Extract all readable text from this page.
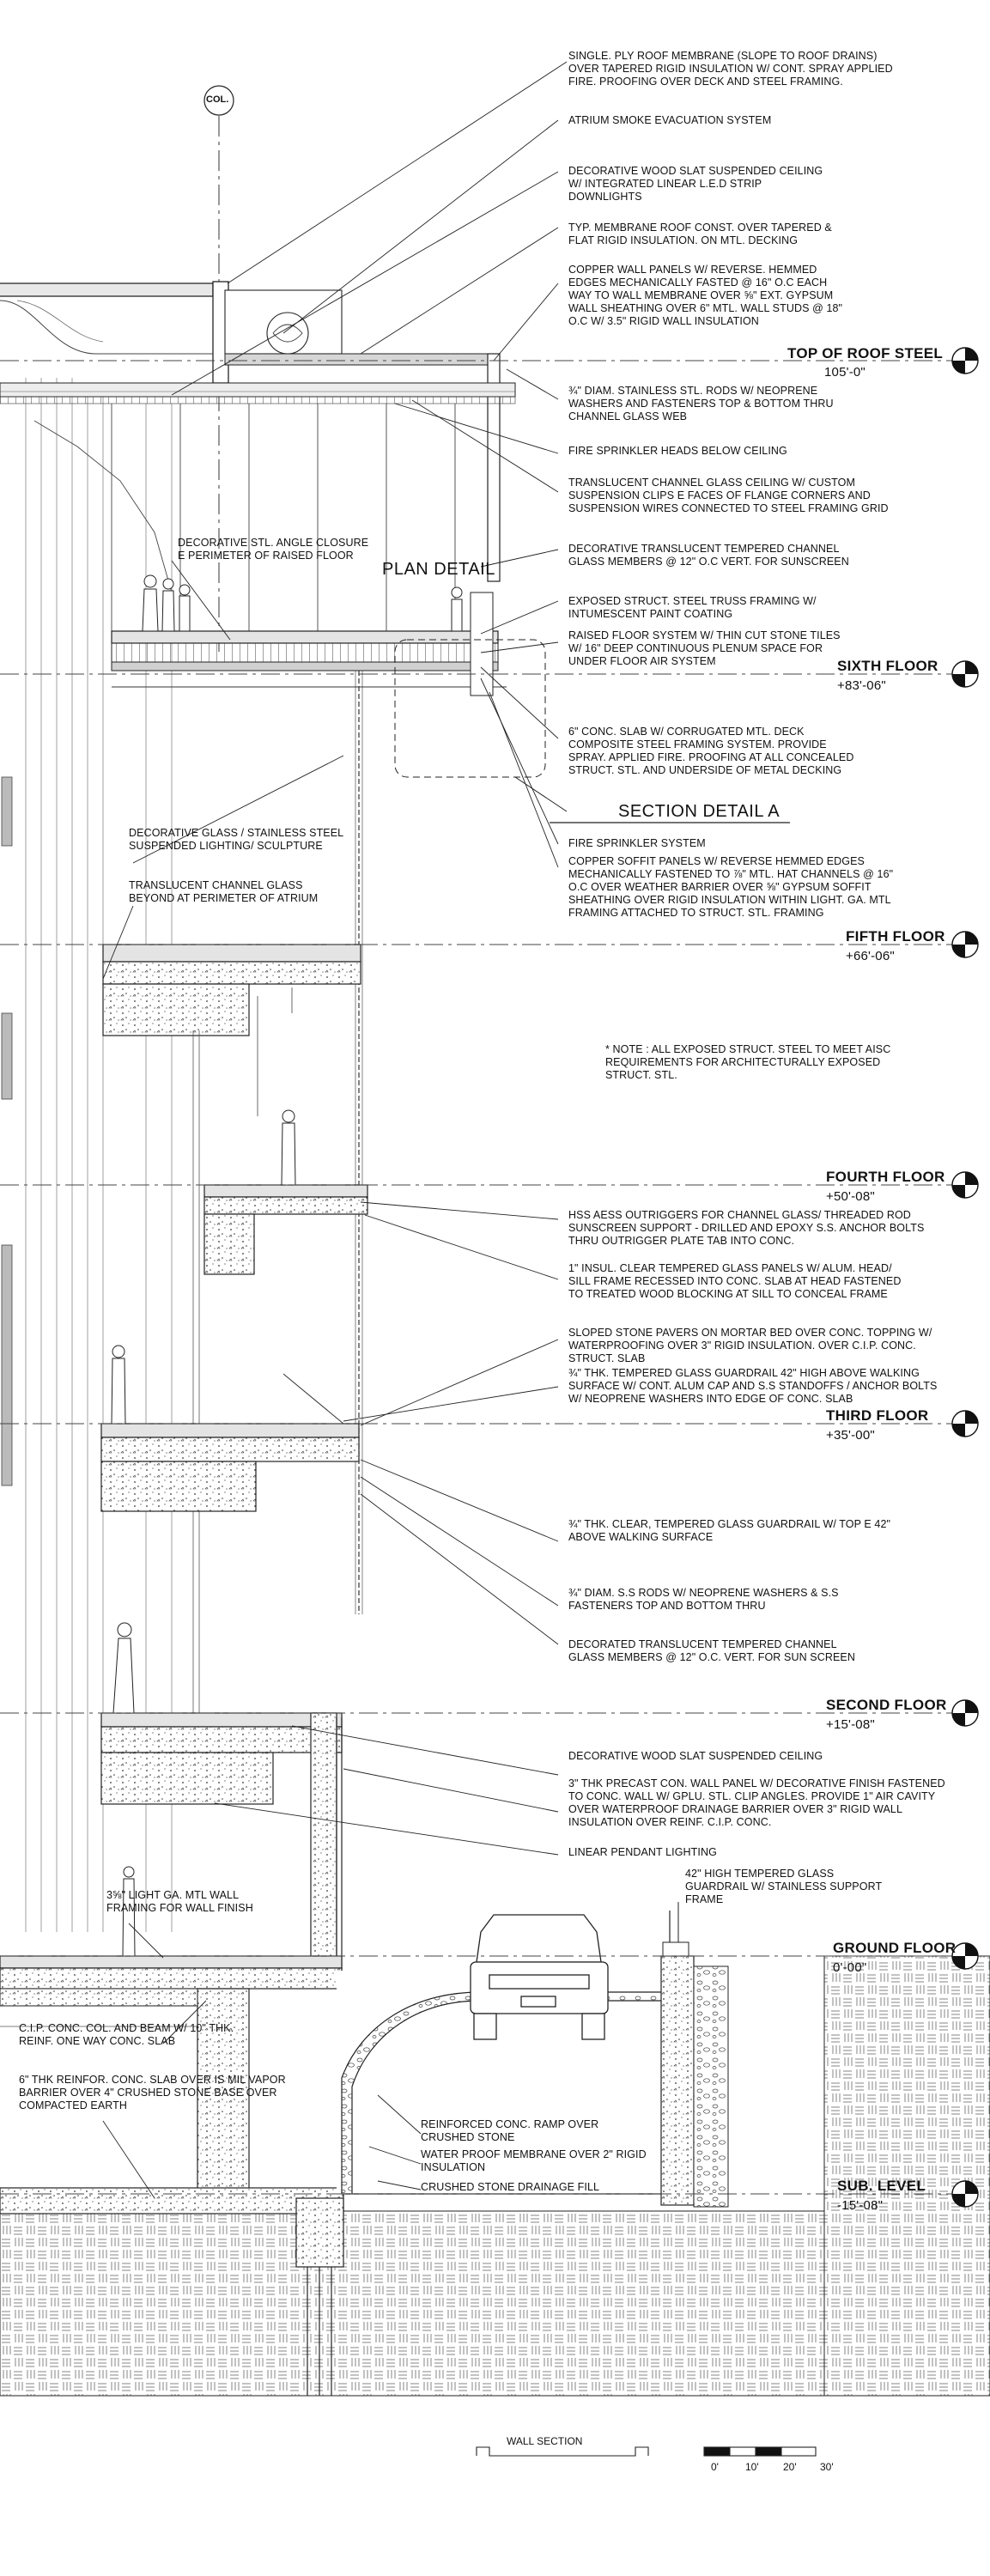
COL.
SINGLE. PLY ROOF MEMBRANE (SLOPE TO ROOF DRAINS) OVER TAPERED RIGID INSULATION W/ CONT. SPRAY APPLIED FIRE. PROOFING OVER DECK AND STEEL FRAMING.
ATRIUM SMOKE EVACUATION SYSTEM
DECORATIVE WOOD SLAT SUSPENDED CEILING W/ INTEGRATED LINEAR L.E.D STRIP DOWNLIGHTS
TYP. MEMBRANE ROOF CONST. OVER TAPERED & FLAT RIGID INSULATION. ON MTL. DECKING
COPPER WALL PANELS W/ REVERSE. HEMMED EDGES MECHANICALLY FASTED @ 16" O.C EACH WAY TO WALL MEMBRANE OVER ⅝" EXT. GYPSUM WALL SHEATHING OVER 6" MTL. WALL STUDS @ 18" O.C W/ 3.5" RIGID WALL INSULATION
¾" DIAM. STAINLESS STL. RODS W/ NEOPRENE WASHERS AND FASTENERS TOP & BOTTOM THRU CHANNEL GLASS WEB
FIRE SPRINKLER HEADS BELOW CEILING
TRANSLUCENT CHANNEL GLASS CEILING W/ CUSTOM SUSPENSION CLIPS E FACES OF FLANGE CORNERS AND SUSPENSION WIRES CONNECTED TO STEEL FRAMING GRID
DECORATIVE TRANSLUCENT TEMPERED CHANNEL GLASS MEMBERS @ 12" O.C VERT. FOR SUNSCREEN
EXPOSED STRUCT. STEEL TRUSS FRAMING W/ INTUMESCENT PAINT COATING
RAISED FLOOR SYSTEM W/ THIN CUT STONE TILES W/ 16" DEEP CONTINUOUS PLENUM SPACE FOR UNDER FLOOR AIR SYSTEM
6" CONC. SLAB W/ CORRUGATED MTL. DECK COMPOSITE STEEL FRAMING SYSTEM. PROVIDE SPRAY. APPLIED FIRE. PROOFING AT ALL CONCEALED STRUCT. STL. AND UNDERSIDE OF METAL DECKING
FIRE SPRINKLER SYSTEM
COPPER SOFFIT PANELS W/ REVERSE HEMMED EDGES MECHANICALLY FASTENED TO ⅞" MTL. HAT CHANNELS @ 16" O.C OVER WEATHER BARRIER OVER ⅝" GYPSUM SOFFIT SHEATHING OVER RIGID INSULATION WITHIN LIGHT. GA. MTL FRAMING ATTACHED TO STRUCT. STL. FRAMING
* NOTE : ALL EXPOSED STRUCT. STEEL TO MEET AISC REQUIREMENTS FOR ARCHITECTURALLY EXPOSED STRUCT. STL.
HSS AESS OUTRIGGERS FOR CHANNEL GLASS/ THREADED ROD SUNSCREEN SUPPORT - DRILLED AND EPOXY S.S. ANCHOR BOLTS THRU OUTRIGGER PLATE TAB INTO CONC.
1" INSUL. CLEAR TEMPERED GLASS PANELS W/ ALUM. HEAD/ SILL FRAME RECESSED INTO CONC. SLAB AT HEAD FASTENED TO TREATED WOOD BLOCKING AT SILL TO CONCEAL FRAME
SLOPED STONE PAVERS ON MORTAR BED OVER CONC. TOPPING W/ WATERPROOFING OVER 3" RIGID INSULATION. OVER C.I.P. CONC. STRUCT. SLAB
¾" THK. TEMPERED GLASS GUARDRAIL 42" HIGH ABOVE WALKING SURFACE W/ CONT. ALUM CAP AND S.S STANDOFFS / ANCHOR BOLTS W/ NEOPRENE WASHERS INTO EDGE OF CONC. SLAB
¾" THK. CLEAR, TEMPERED GLASS GUARDRAIL W/ TOP E 42" ABOVE WALKING SURFACE
¾" DIAM. S.S RODS W/ NEOPRENE WASHERS & S.S FASTENERS TOP AND BOTTOM THRU
DECORATED TRANSLUCENT TEMPERED CHANNEL GLASS MEMBERS @ 12" O.C. VERT. FOR SUN SCREEN
DECORATIVE WOOD SLAT SUSPENDED CEILING
3" THK PRECAST CON. WALL PANEL W/ DECORATIVE FINISH FASTENED TO CONC. WALL W/ GPLU. STL. CLIP ANGLES. PROVIDE 1" AIR CAVITY OVER WATERPROOF DRAINAGE BARRIER OVER 3" RIGID WALL INSULATION OVER REINF. C.I.P. CONC.
LINEAR PENDANT LIGHTING
42" HIGH TEMPERED GLASS GUARDRAIL W/ STAINLESS SUPPORT FRAME
DECORATIVE STL. ANGLE CLOSURE E PERIMETER OF RAISED FLOOR
DECORATIVE GLASS / STAINLESS STEEL SUSPENDED LIGHTING/ SCULPTURE
TRANSLUCENT CHANNEL GLASS BEYOND AT PERIMETER OF ATRIUM
3⅝" LIGHT GA. MTL WALL FRAMING FOR WALL FINISH
C.I.P. CONC. COL. AND BEAM W/ 10" THK. REINF. ONE WAY CONC. SLAB
6" THK REINFOR. CONC. SLAB OVER IS MIL VAPOR BARRIER OVER 4" CRUSHED STONE BASE OVER COMPACTED EARTH
REINFORCED CONC. RAMP OVER CRUSHED STONE
WATER PROOF MEMBRANE OVER 2" RIGID INSULATION
CRUSHED STONE DRAINAGE FILL
PLAN DETAIL
SECTION DETAIL A
TOP OF ROOF STEEL
105'-0"
SIXTH FLOOR
+83'-06"
FIFTH FLOOR
+66'-06"
FOURTH FLOOR
+50'-08"
THIRD FLOOR
+35'-00"
SECOND FLOOR
+15'-08"
GROUND FLOOR
0'-00"
SUB. LEVEL
-15'-08"
WALL SECTION
0'	10' 20' 30'
